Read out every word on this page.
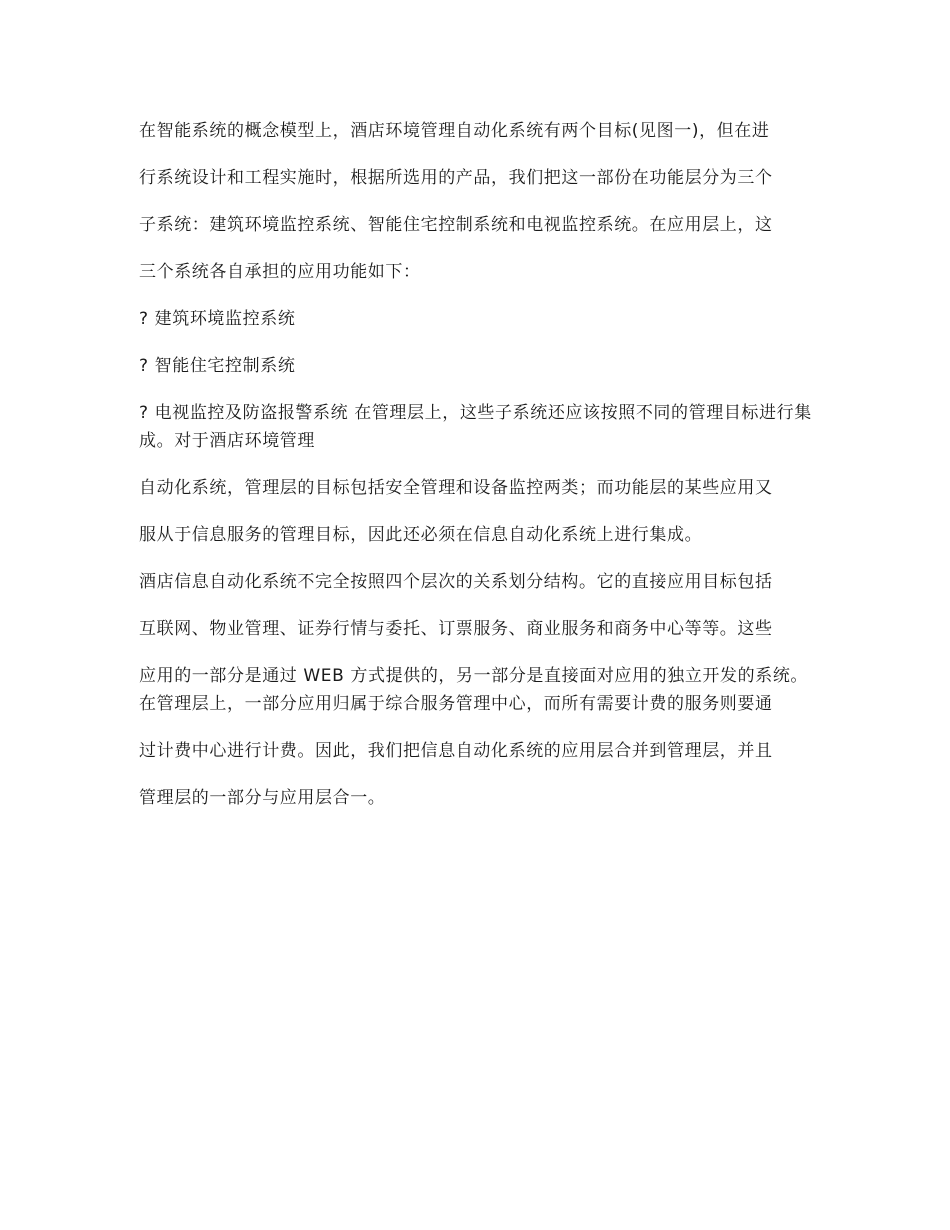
在智能系统的概念模型上，酒店环境管理自动化系统有两个目标(见图一)，但在进

行系统设计和工程实施时，根据所选用的产品，我们把这一部份在功能层分为三个

子系统：建筑环境监控系统、智能住宅控制系统和电视监控系统。在应用层上，这

三个系统各自承担的应用功能如下：

? 建筑环境监控系统

? 智能住宅控制系统

? 电视监控及防盗报警系统 在管理层上，这些子系统还应该按照不同的管理目标进行集成。对于酒店环境管理

自动化系统，管理层的目标包括安全管理和设备监控两类；而功能层的某些应用又

服从于信息服务的管理目标，因此还必须在信息自动化系统上进行集成。

酒店信息自动化系统不完全按照四个层次的关系划分结构。它的直接应用目标包括

互联网、物业管理、证券行情与委托、订票服务、商业服务和商务中心等等。这些

应用的一部分是通过 WEB 方式提供的，另一部分是直接面对应用的独立开发的系统。在管理层上，一部分应用归属于综合服务管理中心，而所有需要计费的服务则要通

过计费中心进行计费。因此，我们把信息自动化系统的应用层合并到管理层，并且

管理层的一部分与应用层合一。
